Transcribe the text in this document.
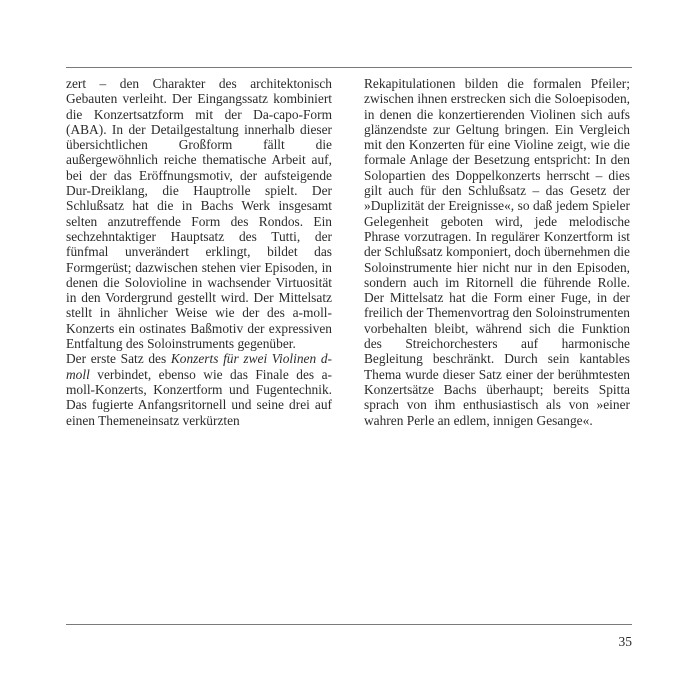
zert – den Charakter des architektonisch Gebauten verleiht. Der Eingangssatz kombiniert die Konzertsatzform mit der Da-capo-Form (ABA). In der Detailgestaltung innerhalb dieser übersichtlichen Großform fällt die außergewöhnlich reiche thematische Arbeit auf, bei der das Eröffnungsmotiv, der aufsteigende Dur-Dreiklang, die Hauptrolle spielt. Der Schlußsatz hat die in Bachs Werk insgesamt selten anzutreffende Form des Rondos. Ein sechzehntaktiger Hauptsatz des Tutti, der fünfmal unverändert erklingt, bildet das Formgerüst; dazwischen stehen vier Episoden, in denen die Solovioline in wachsender Virtuosität in den Vordergrund gestellt wird. Der Mittelsatz stellt in ähnlicher Weise wie der des a-moll-Konzerts ein ostinates Baßmotiv der expressiven Entfaltung des Soloinstruments gegenüber.

Der erste Satz des Konzerts für zwei Violinen d-moll verbindet, ebenso wie das Finale des a-moll-Konzerts, Konzertform und Fugentechnik. Das fugierte Anfangsritornell und seine drei auf einen Themeneinsatz verkürzten

Rekapitulationen bilden die formalen Pfeiler; zwischen ihnen erstrecken sich die Soloepisoden, in denen die konzertierenden Violinen sich aufs glänzendste zur Geltung bringen. Ein Vergleich mit den Konzerten für eine Violine zeigt, wie die formale Anlage der Besetzung entspricht: In den Solopartien des Doppelkonzerts herrscht – dies gilt auch für den Schlußsatz – das Gesetz der »Duplizität der Ereignisse«, so daß jedem Spieler Gelegenheit geboten wird, jede melodische Phrase vorzutragen. In regulärer Konzertform ist der Schlußsatz komponiert, doch übernehmen die Soloinstrumente hier nicht nur in den Episoden, sondern auch im Ritornell die führende Rolle. Der Mittelsatz hat die Form einer Fuge, in der freilich der Themenvortrag den Soloinstrumenten vorbehalten bleibt, während sich die Funktion des Streichorchesters auf harmonische Begleitung beschränkt. Durch sein kantables Thema wurde dieser Satz einer der berühmtesten Konzertsätze Bachs überhaupt; bereits Spitta sprach von ihm enthusiastisch als von »einer wahren Perle an edlem, innigen Gesange«.

35
